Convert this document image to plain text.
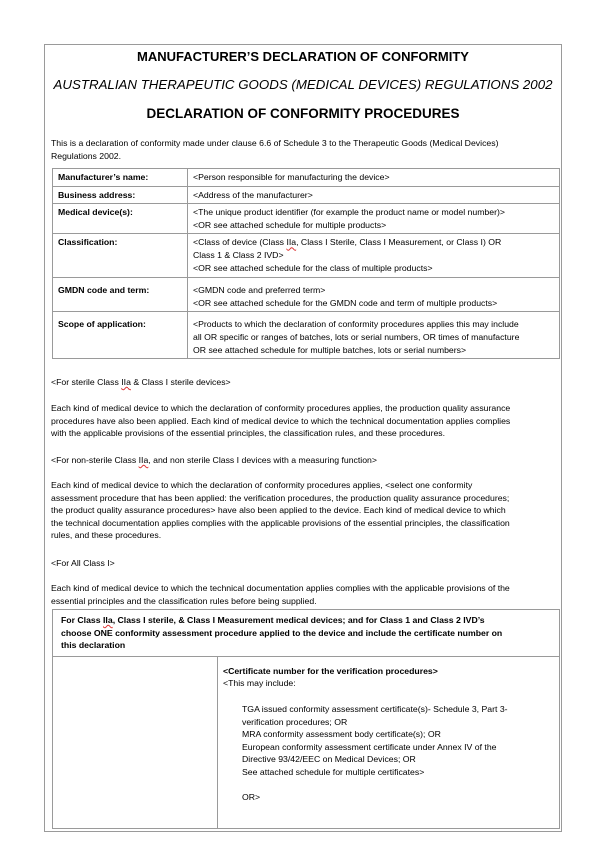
MANUFACTURER’S DECLARATION OF CONFORMITY
AUSTRALIAN THERAPEUTIC GOODS (MEDICAL DEVICES) REGULATIONS 2002
DECLARATION OF CONFORMITY PROCEDURES
This is a declaration of conformity made under clause 6.6 of Schedule 3 to the Therapeutic Goods (Medical Devices)
Regulations 2002.
Manufacturer’s name:	<Person responsible for manufacturing the device>

Business address:	<Address of the manufacturer>

Medical device(s):	<The unique product identifier (for example the product name or model number)>
<OR see attached schedule for multiple products>

Classification:	<Class of device (Class IIa, Class I Sterile, Class I Measurement, or Class I) OR
Class 1 & Class 2 IVD>
<OR see attached schedule for the class of multiple products>

GMDN code and term:	<GMDN code and preferred term>
<OR see attached schedule for the GMDN code and term of multiple products>

Scope of application:	<Products to which the declaration of conformity procedures applies this may include
all OR specific or ranges of batches, lots or serial numbers, OR times of manufacture
OR see attached schedule for multiple batches, lots or serial numbers>
<For sterile Class IIa & Class I sterile devices>
Each kind of medical device to which the declaration of conformity procedures applies, the production quality assurance
procedures have also been applied. Each kind of medical device to which the technical documentation applies complies
with the applicable provisions of the essential principles, the classification rules, and these procedures.
<For non-sterile Class IIa, and non sterile Class I devices with a measuring function>
Each kind of medical device to which the declaration of conformity procedures applies, <select one conformity
assessment procedure that has been applied: the verification procedures, the production quality assurance procedures;
the product quality assurance procedures> have also been applied to the device. Each kind of medical device to which
the technical documentation applies complies with the applicable provisions of the essential principles, the classification
rules, and these procedures.
<For All Class I>
Each kind of medical device to which the technical documentation applies complies with the applicable provisions of the
essential principles and the classification rules before being supplied.
For Class IIa, Class I sterile, & Class I Measurement medical devices; and for Class 1 and Class 2 IVD’s
choose ONE conformity assessment procedure applied to the device and include the certificate number on
this declaration
<Certificate number for the verification procedures>
<This may include:
TGA issued conformity assessment certificate(s)- Schedule 3, Part 3-
verification procedures; OR
MRA conformity assessment body certificate(s); OR
European conformity assessment certificate under Annex IV of the
Directive 93/42/EEC on Medical Devices; OR
See attached schedule for multiple certificates>
OR>
